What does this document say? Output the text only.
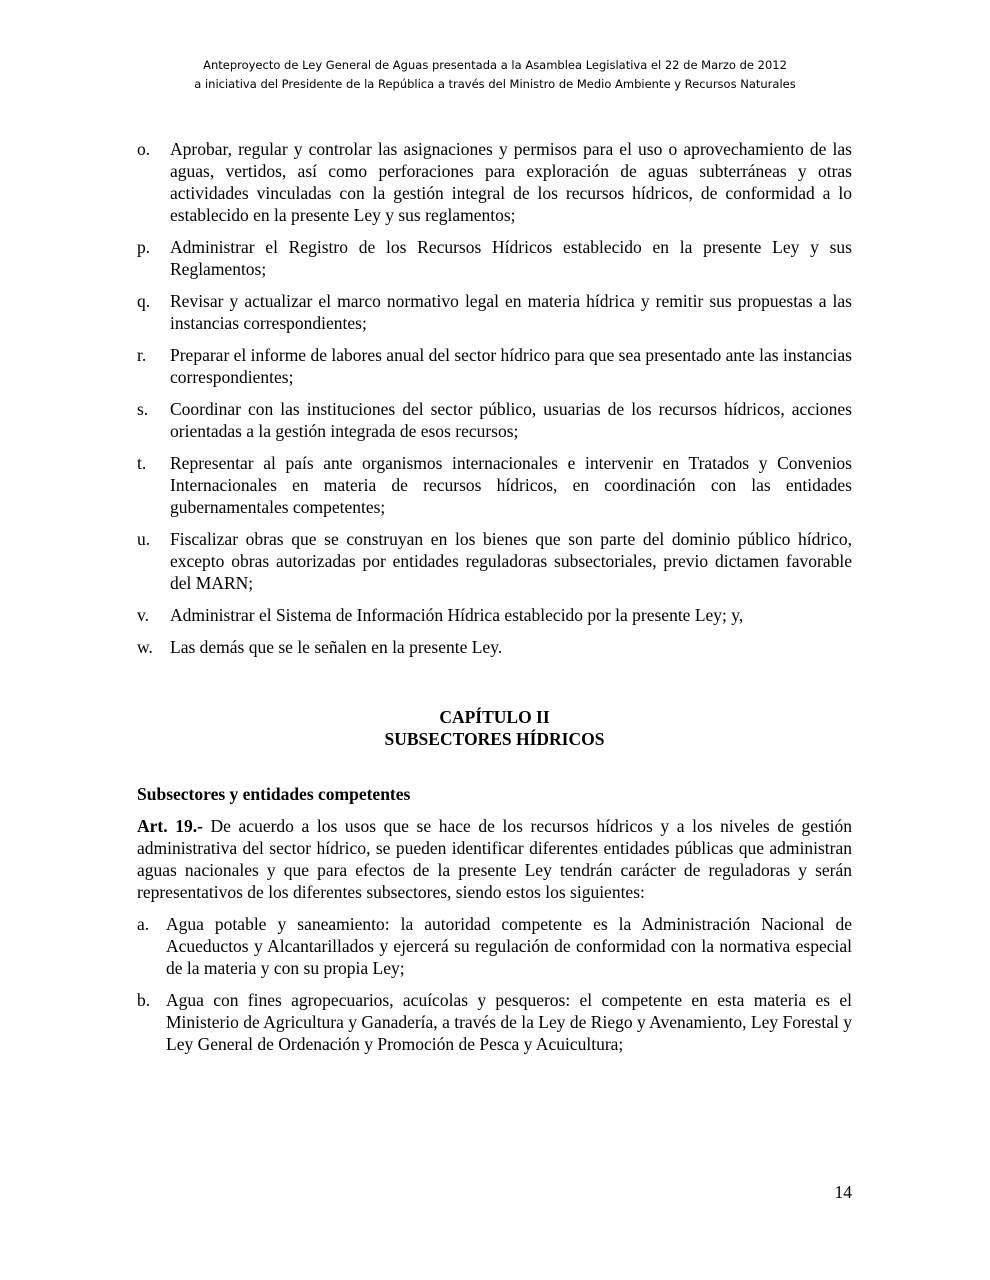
Anteproyecto de Ley General de Aguas presentada a la Asamblea Legislativa el 22 de Marzo de 2012
a iniciativa del Presidente de la República a través del Ministro de Medio Ambiente y Recursos Naturales
o.	Aprobar, regular y controlar las asignaciones y permisos para el uso o aprovechamiento de las aguas, vertidos, así como perforaciones para exploración de aguas subterráneas y otras actividades vinculadas con la gestión integral de los recursos hídricos, de conformidad a lo establecido en la presente Ley y sus reglamentos;
p.	Administrar el Registro de los Recursos Hídricos establecido en la presente Ley y sus Reglamentos;
q.	Revisar y actualizar el marco normativo legal en materia hídrica y remitir sus propuestas a las instancias correspondientes;
r.	Preparar el informe de labores anual del sector hídrico para que sea presentado ante las instancias correspondientes;
s.	Coordinar con las instituciones del sector público, usuarias de los recursos hídricos, acciones orientadas a la gestión integrada de esos recursos;
t.	Representar al país ante organismos internacionales e intervenir en Tratados y Convenios Internacionales en materia de recursos hídricos, en coordinación con las entidades gubernamentales competentes;
u.	Fiscalizar obras que se construyan en los bienes que son parte del dominio público hídrico, excepto obras autorizadas por entidades reguladoras subsectoriales, previo dictamen favorable del MARN;
v.	Administrar el Sistema de Información Hídrica establecido por la presente Ley; y,
w. Las demás que se le señalen en la presente Ley.
CAPÍTULO II
SUBSECTORES HÍDRICOS
Subsectores y entidades competentes
Art. 19.- De acuerdo a los usos que se hace de los recursos hídricos y a los niveles de gestión administrativa del sector hídrico, se pueden identificar diferentes entidades públicas que administran aguas nacionales y que para efectos de la presente Ley tendrán carácter de reguladoras y serán representativos de los diferentes subsectores, siendo estos los siguientes:
a. Agua potable y saneamiento: la autoridad competente es la Administración Nacional de Acueductos y Alcantarillados y ejercerá su regulación de conformidad con la normativa especial de la materia y con su propia Ley;
b. Agua con fines agropecuarios, acuícolas y pesqueros: el competente en esta materia es el Ministerio de Agricultura y Ganadería, a través de la Ley de Riego y Avenamiento, Ley Forestal y Ley General de Ordenación y Promoción de Pesca y Acuicultura;
14
